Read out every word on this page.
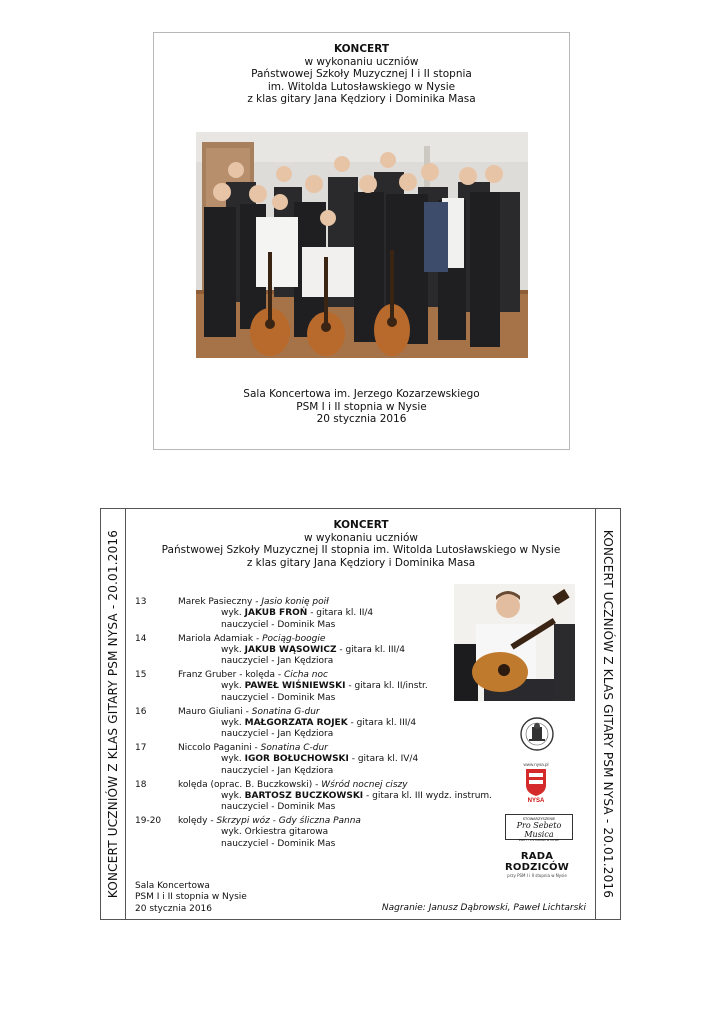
KONCERT
w wykonaniu uczniów
Państwowej Szkoły Muzycznej I i II stopnia
im. Witolda Lutosławskiego w Nysie
z klas gitary Jana Kędziory i Dominika Masa
Sala Koncertowa im. Jerzego Kozarzewskiego
PSM I i II stopnia w Nysie
20 stycznia 2016
KONCERT UCZNIÓW Z KLAS GITARY PSM NYSA - 20.01.2016	KONCERT UCZNIÓW Z KLAS GITARY PSM NYSA - 20.01.2016
KONCERT
w wykonaniu uczniów
Państwowej Szkoły Muzycznej II stopnia im. Witolda Lutosławskiego w Nysie
z klas gitary Jana Kędziory i Dominika Masa
13	Marek Pasieczny - Jasio konię poił
wyk. JAKUB FROŃ - gitara kl. II/4
nauczyciel - Dominik Mas
14	Mariola Adamiak - Pociąg-boogie
wyk. JAKUB WĄSOWICZ - gitara kl. III/4
nauczyciel - Jan Kędziora
15	Franz Gruber - kolęda - Cicha noc
wyk. PAWEŁ WIŚNIEWSKI - gitara kl. II/instr.
nauczyciel - Dominik Mas
16	Mauro Giuliani - Sonatina G-dur
wyk. MAŁGORZATA ROJEK - gitara kl. III/4
nauczyciel - Jan Kędziora
17	Niccolo Paganini - Sonatina C-dur
wyk. IGOR BOŁUCHOWSKI - gitara kl. IV/4
nauczyciel - Jan Kędziora
18	kolęda (oprac. B. Buczkowski) - Wśród nocnej ciszy
wyk. BARTOSZ BUCZKOWSKI - gitara kl. III wydz. instrum.
nauczyciel - Dominik Mas
19-20 kolędy - Skrzypi wóz - Gdy śliczna Panna
wyk. Orkiestra gitarowa
nauczyciel - Dominik Mas
www.nysa.pl
NYSA
STOWARZYSZENIE
Pro Sebeto Musica
PSM I i II STOPNIA W NYSIE
RADA RODZICÓW
przy PSM I i II stopnia w Nysie
Sala Koncertowa
PSM I i II stopnia w Nysie
20 stycznia 2016	Nagranie: Janusz Dąbrowski, Paweł Lichtarski
